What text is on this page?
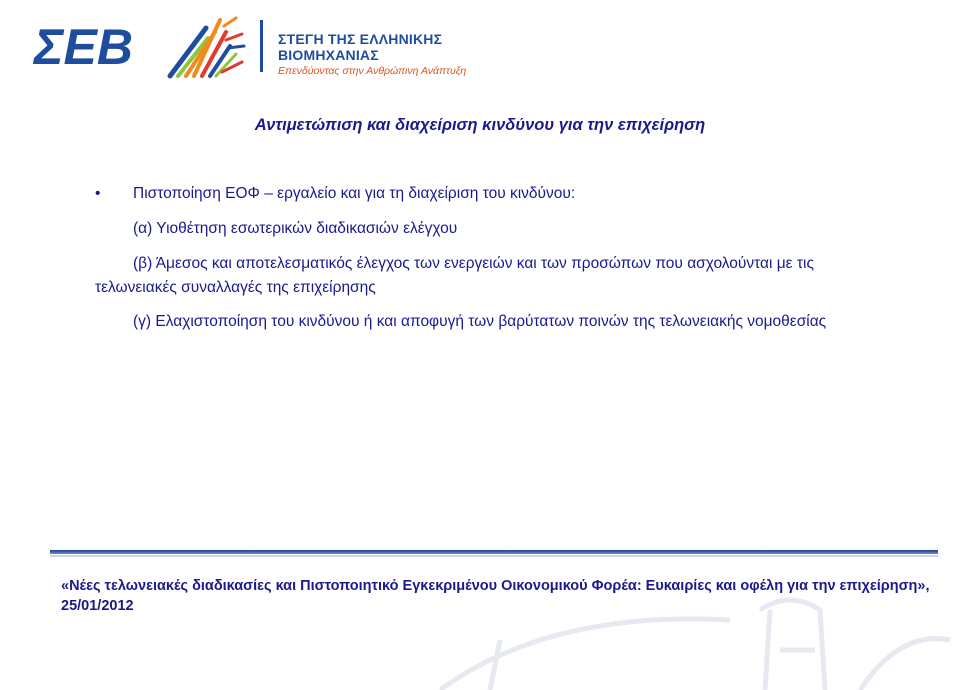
ΣΕΒ	ΣΤΕΓΗ ΤΗΣ ΕΛΛΗΝΙΚΗΣ
ΒΙΟΜΗΧΑΝΙΑΣ
Επενδύοντας στην Ανθρώπινη Ανάπτυξη
Αντιμετώπιση και διαχείριση κινδύνου για την επιχείρηση
• Πιστοποίηση ΕΟΦ – εργαλείο και για τη διαχείριση του κινδύνου:
(α) Υιοθέτηση εσωτερικών διαδικασιών ελέγχου
(β) Άμεσος και αποτελεσματικός έλεγχος των ενεργειών και των προσώπων που ασχολούνται με τις τελωνειακές συναλλαγές της επιχείρησης
(γ) Ελαχιστοποίηση του κινδύνου ή και αποφυγή των βαρύτατων ποινών της τελωνειακής νομοθεσίας
«Νέες τελωνειακές διαδικασίες και Πιστοποιητικό Εγκεκριμένου Οικονομικού Φορέα: Ευκαιρίες και οφέλη για την επιχείρηση», 25/01/2012
